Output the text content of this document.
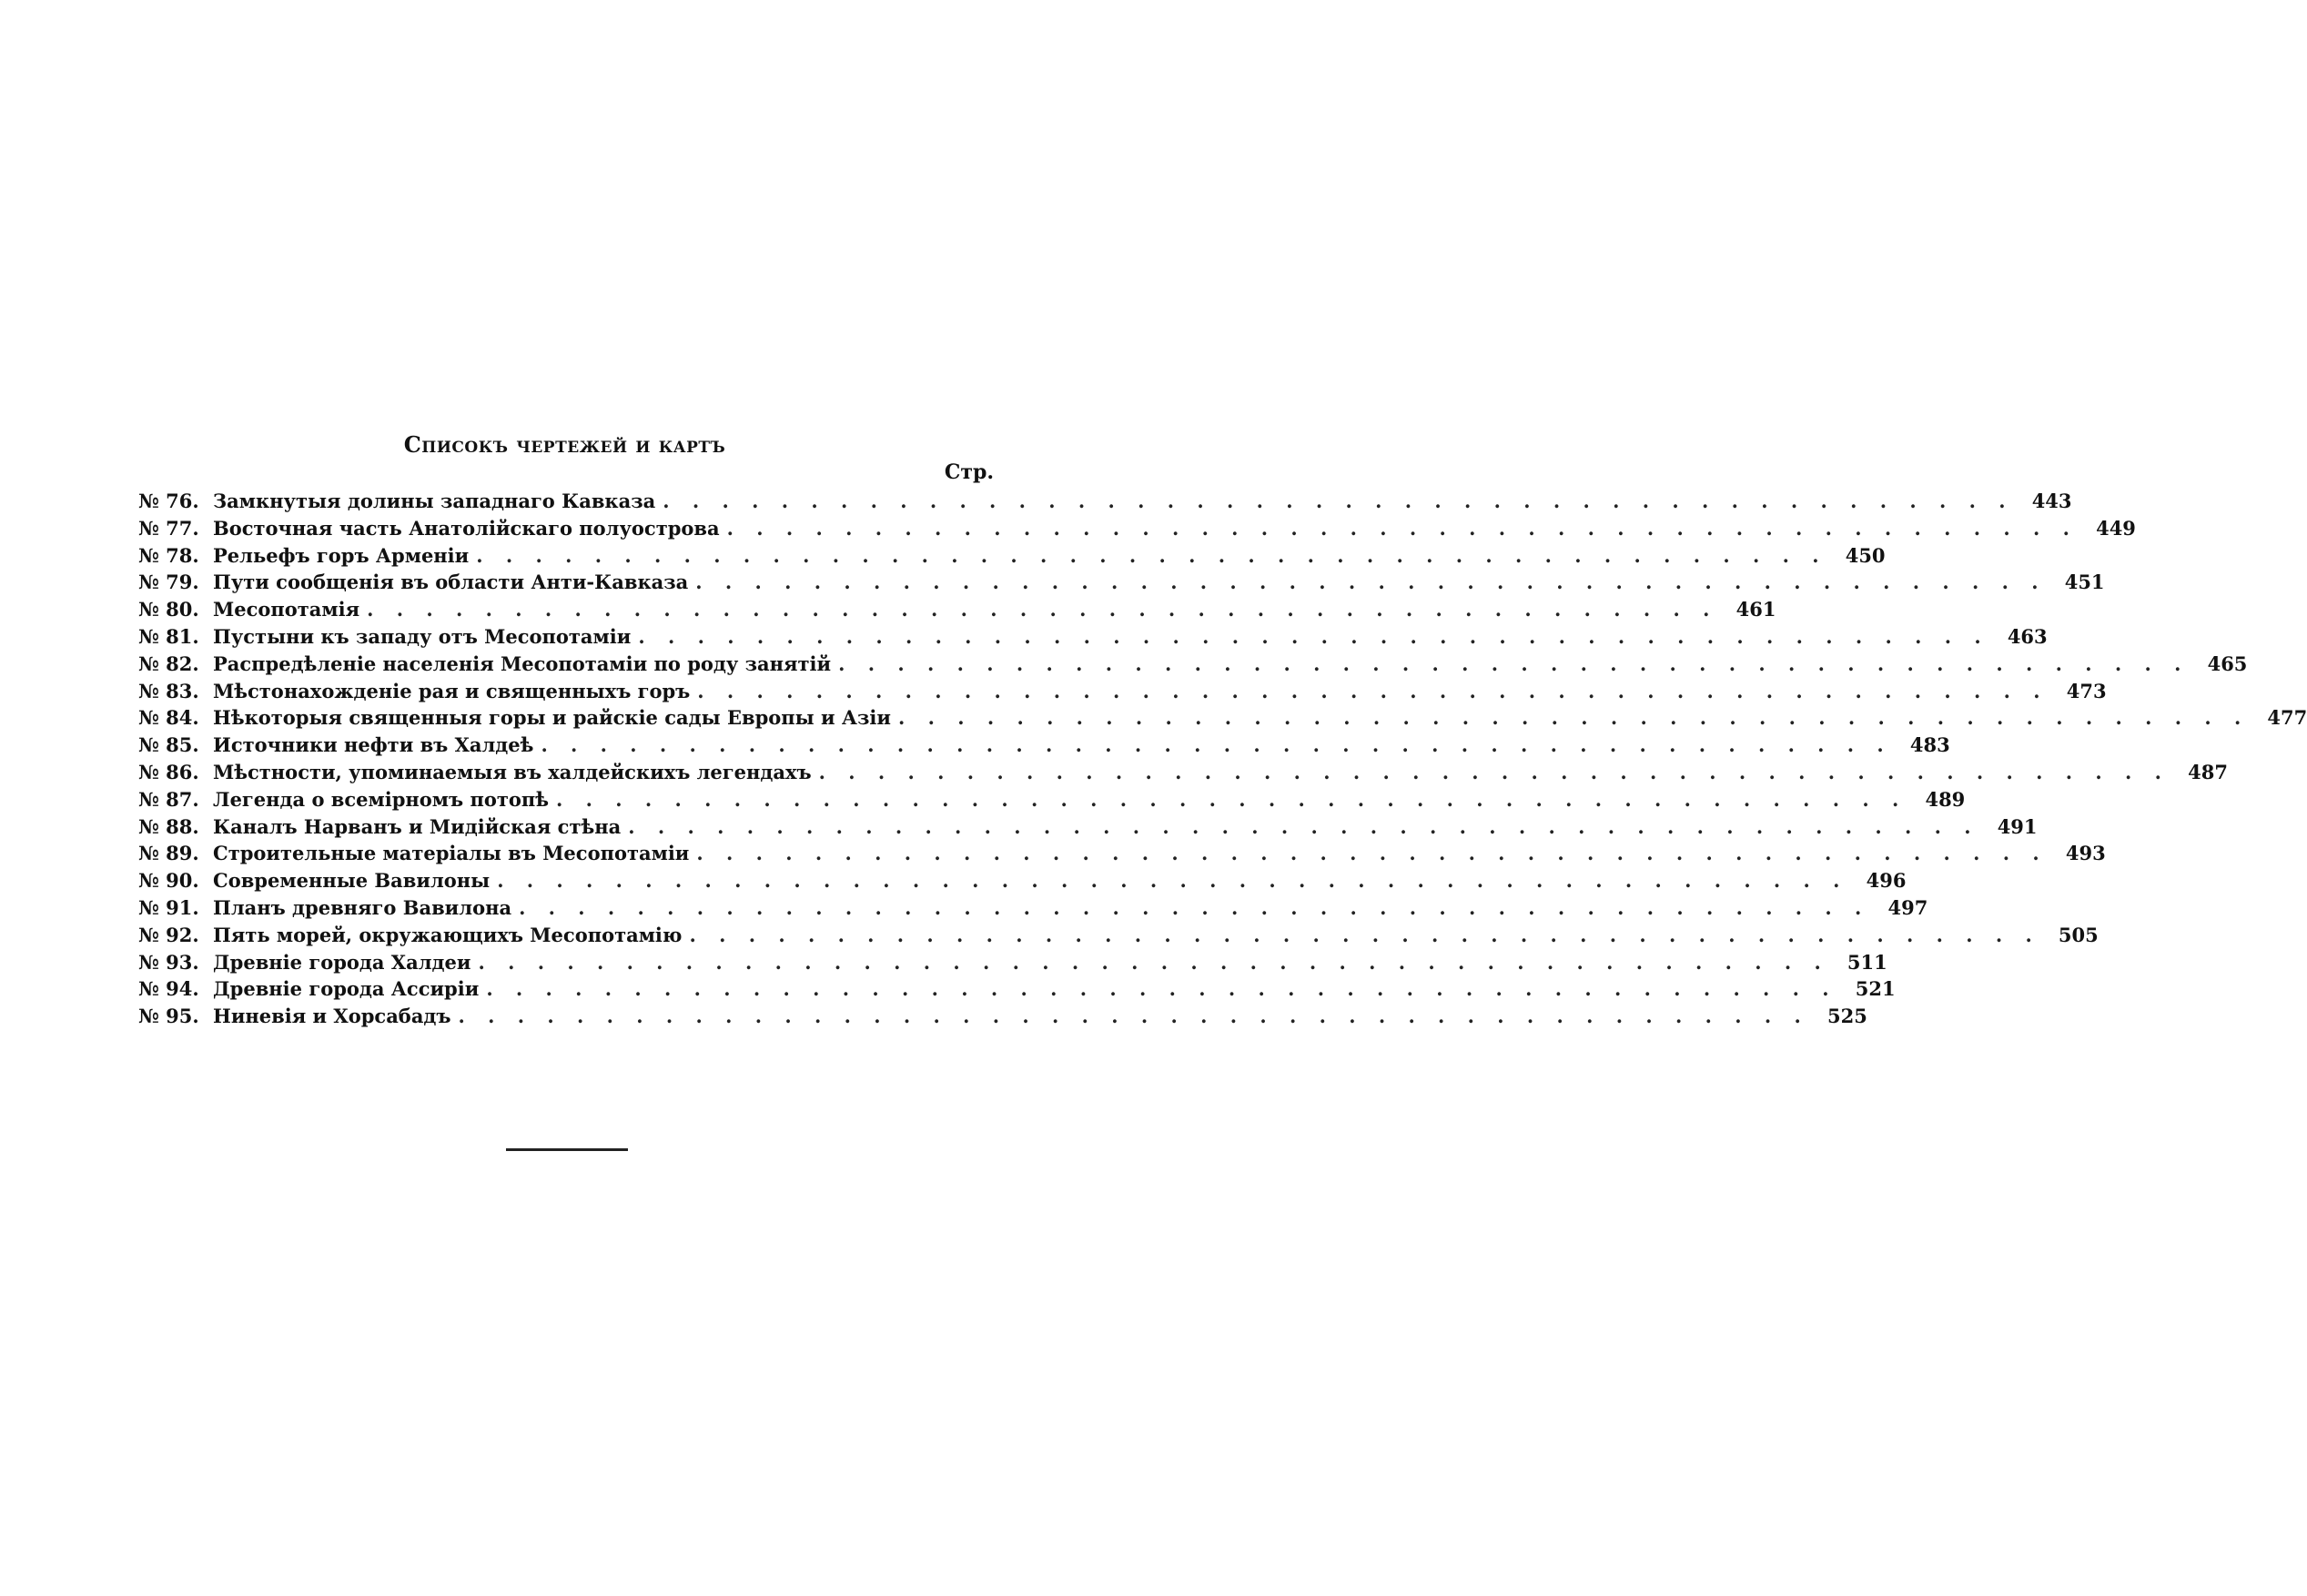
Списокъ чертежей и картъ
Стр.
№ 76. Замкнутыя долины западнаго Кавказа . . .	443
№ 77. Восточная часть Анатолійскаго полуострова . . .	449
№ 78. Рельефъ горъ Арменіи . . .	450
№ 79. Пути сообщенія въ области Анти-Кавказа . . .	451
№ 80. Месопотамія . . .	461
№ 81. Пустыни къ западу отъ Месопотаміи . . .	463
№ 82. Распредѣленіе населенія Месопотаміи по роду занятій . . .	465
№ 83. Мѣстонахожденіе рая и священныхъ горъ . . .	473
№ 84. Нѣкоторыя священныя горы и райскіе сады Европы и Азіи . . .	477
№ 85. Источники нефти въ Халдеѣ . . .	483
№ 86. Мѣстности, упоминаемыя въ халдейскихъ легендахъ . . .	487
№ 87. Легенда о всемірномъ потопѣ . . .	489
№ 88. Каналъ Нарванъ и Мидійская стѣна . . .	491
№ 89. Строительные матеріалы въ Месопотаміи . . .	493
№ 90. Современные Вавилоны . . .	496
№ 91. Планъ древняго Вавилона . . .	497
№ 92. Пять морей, окружающихъ Месопотамію . . .	505
№ 93. Древніе города Халдеи . . .	511
№ 94. Древніе города Ассиріи . . .	521
№ 95. Ниневія и Хорсабадъ . . .	525
